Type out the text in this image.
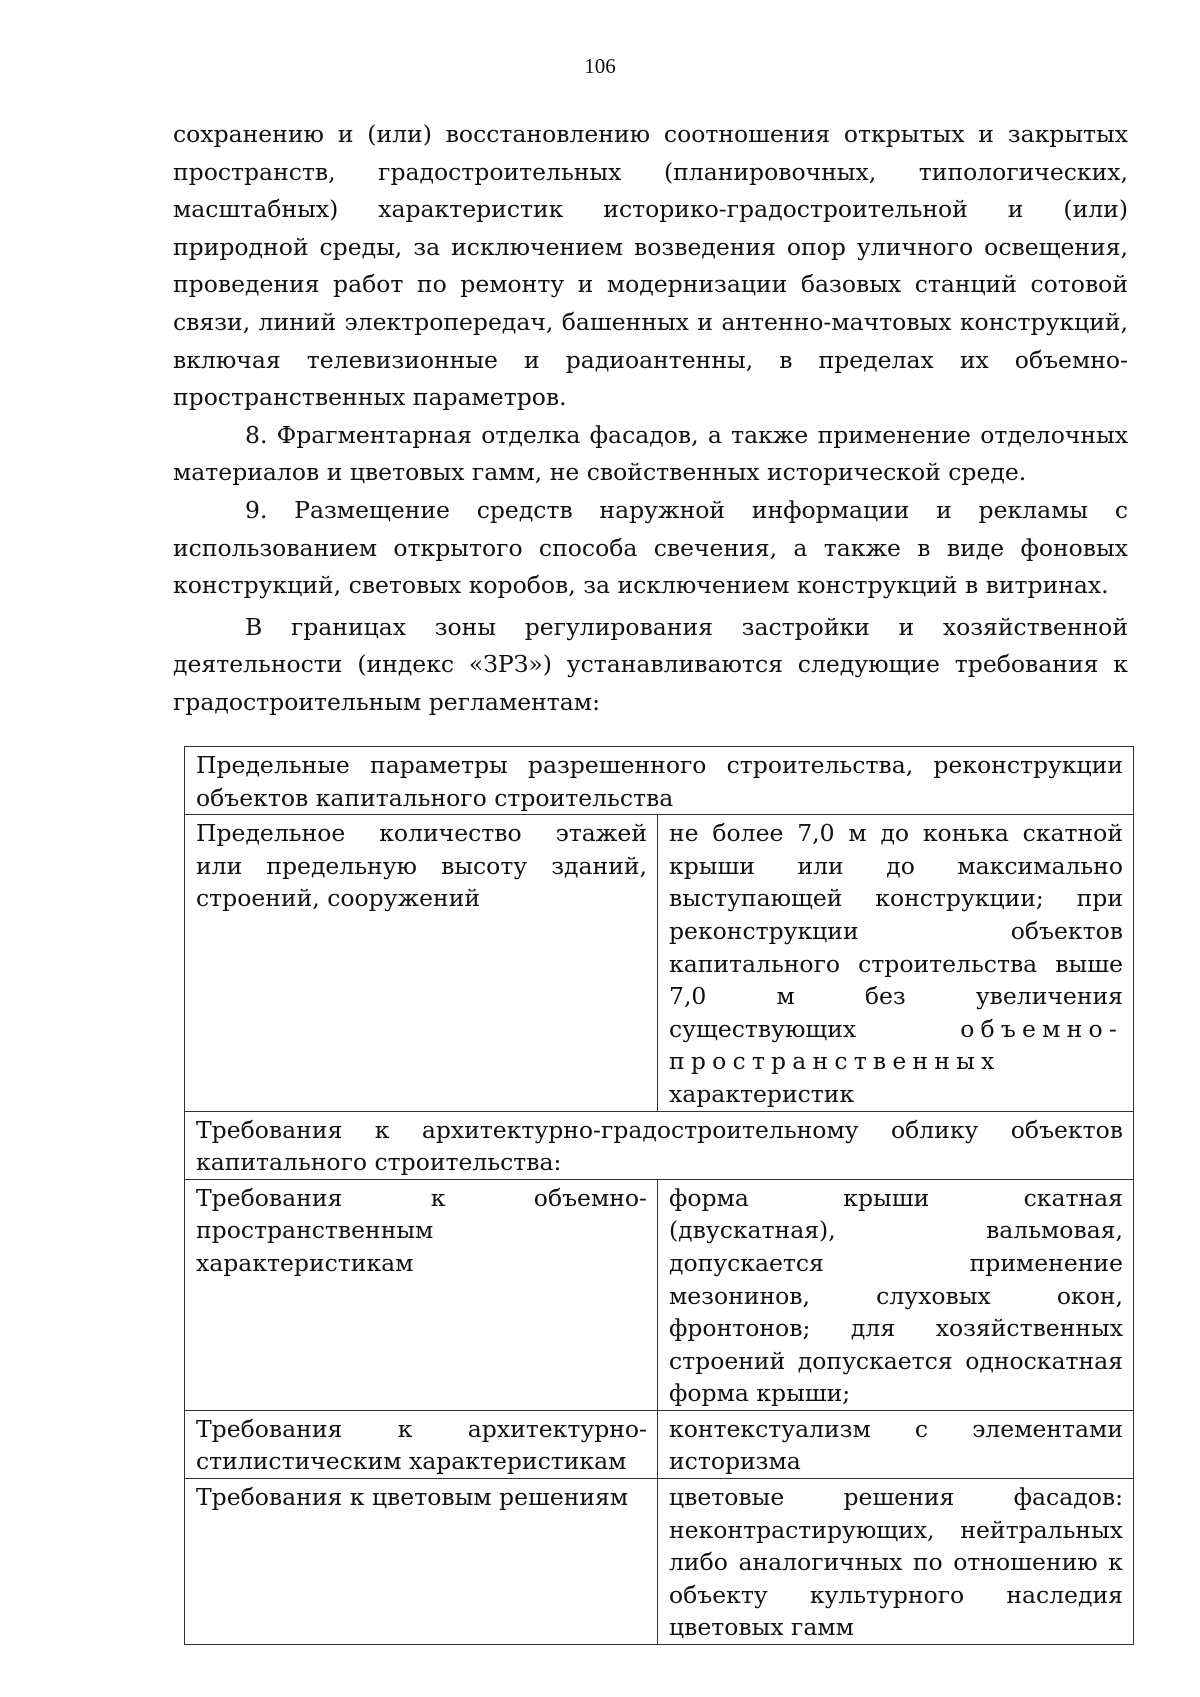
106

сохранению и (или) восстановлению соотношения открытых и закрытых пространств, градостроительных (планировочных, типологических, масштабных) характеристик историко-градостроительной и (или) природной среды, за исключением возведения опор уличного освещения, проведения работ по ремонту и модернизации базовых станций сотовой связи, линий электропередач, башенных и антенно-мачтовых конструкций, включая телевизионные и радиоантенны, в пределах их объемно- пространственных параметров.

8. Фрагментарная отделка фасадов, а также применение отделочных материалов и цветовых гамм, не свойственных исторической среде.

9. Размещение средств наружной информации и рекламы с использованием открытого способа свечения, а также в виде фоновых конструкций, световых коробов, за исключением конструкций в витринах.

В границах зоны регулирования застройки и хозяйственной деятельности (индекс «ЗРЗ») устанавливаются следующие требования к градостроительным регламентам:

Предельные параметры разрешенного строительства, реконструкции объектов капитального строительства	
Предельное количество этажей или предельную высоту зданий, строений, сооружений	не более 7,0 м до конька скатной крыши или до максимально выступающей конструкции; при реконструкции объектов капитального строительства выше 7,0 м без увеличения существующих объемно-пространственных характеристик
Требования к архитектурно-градостроительному облику объектов капитального строительства:	
Требования к объемно-пространственным характеристикам	форма крыши скатная (двускатная), вальмовая, допускается применение мезонинов, слуховых окон, фронтонов; для хозяйственных строений допускается односкатная форма крыши;
Требования к архитектурно-стилистическим характеристикам	контекстуализм с элементами историзма
Требования к цветовым решениям	цветовые решения фасадов: неконтрастирующих, нейтральных либо аналогичных по отношению к объекту культурного наследия цветовых гамм
